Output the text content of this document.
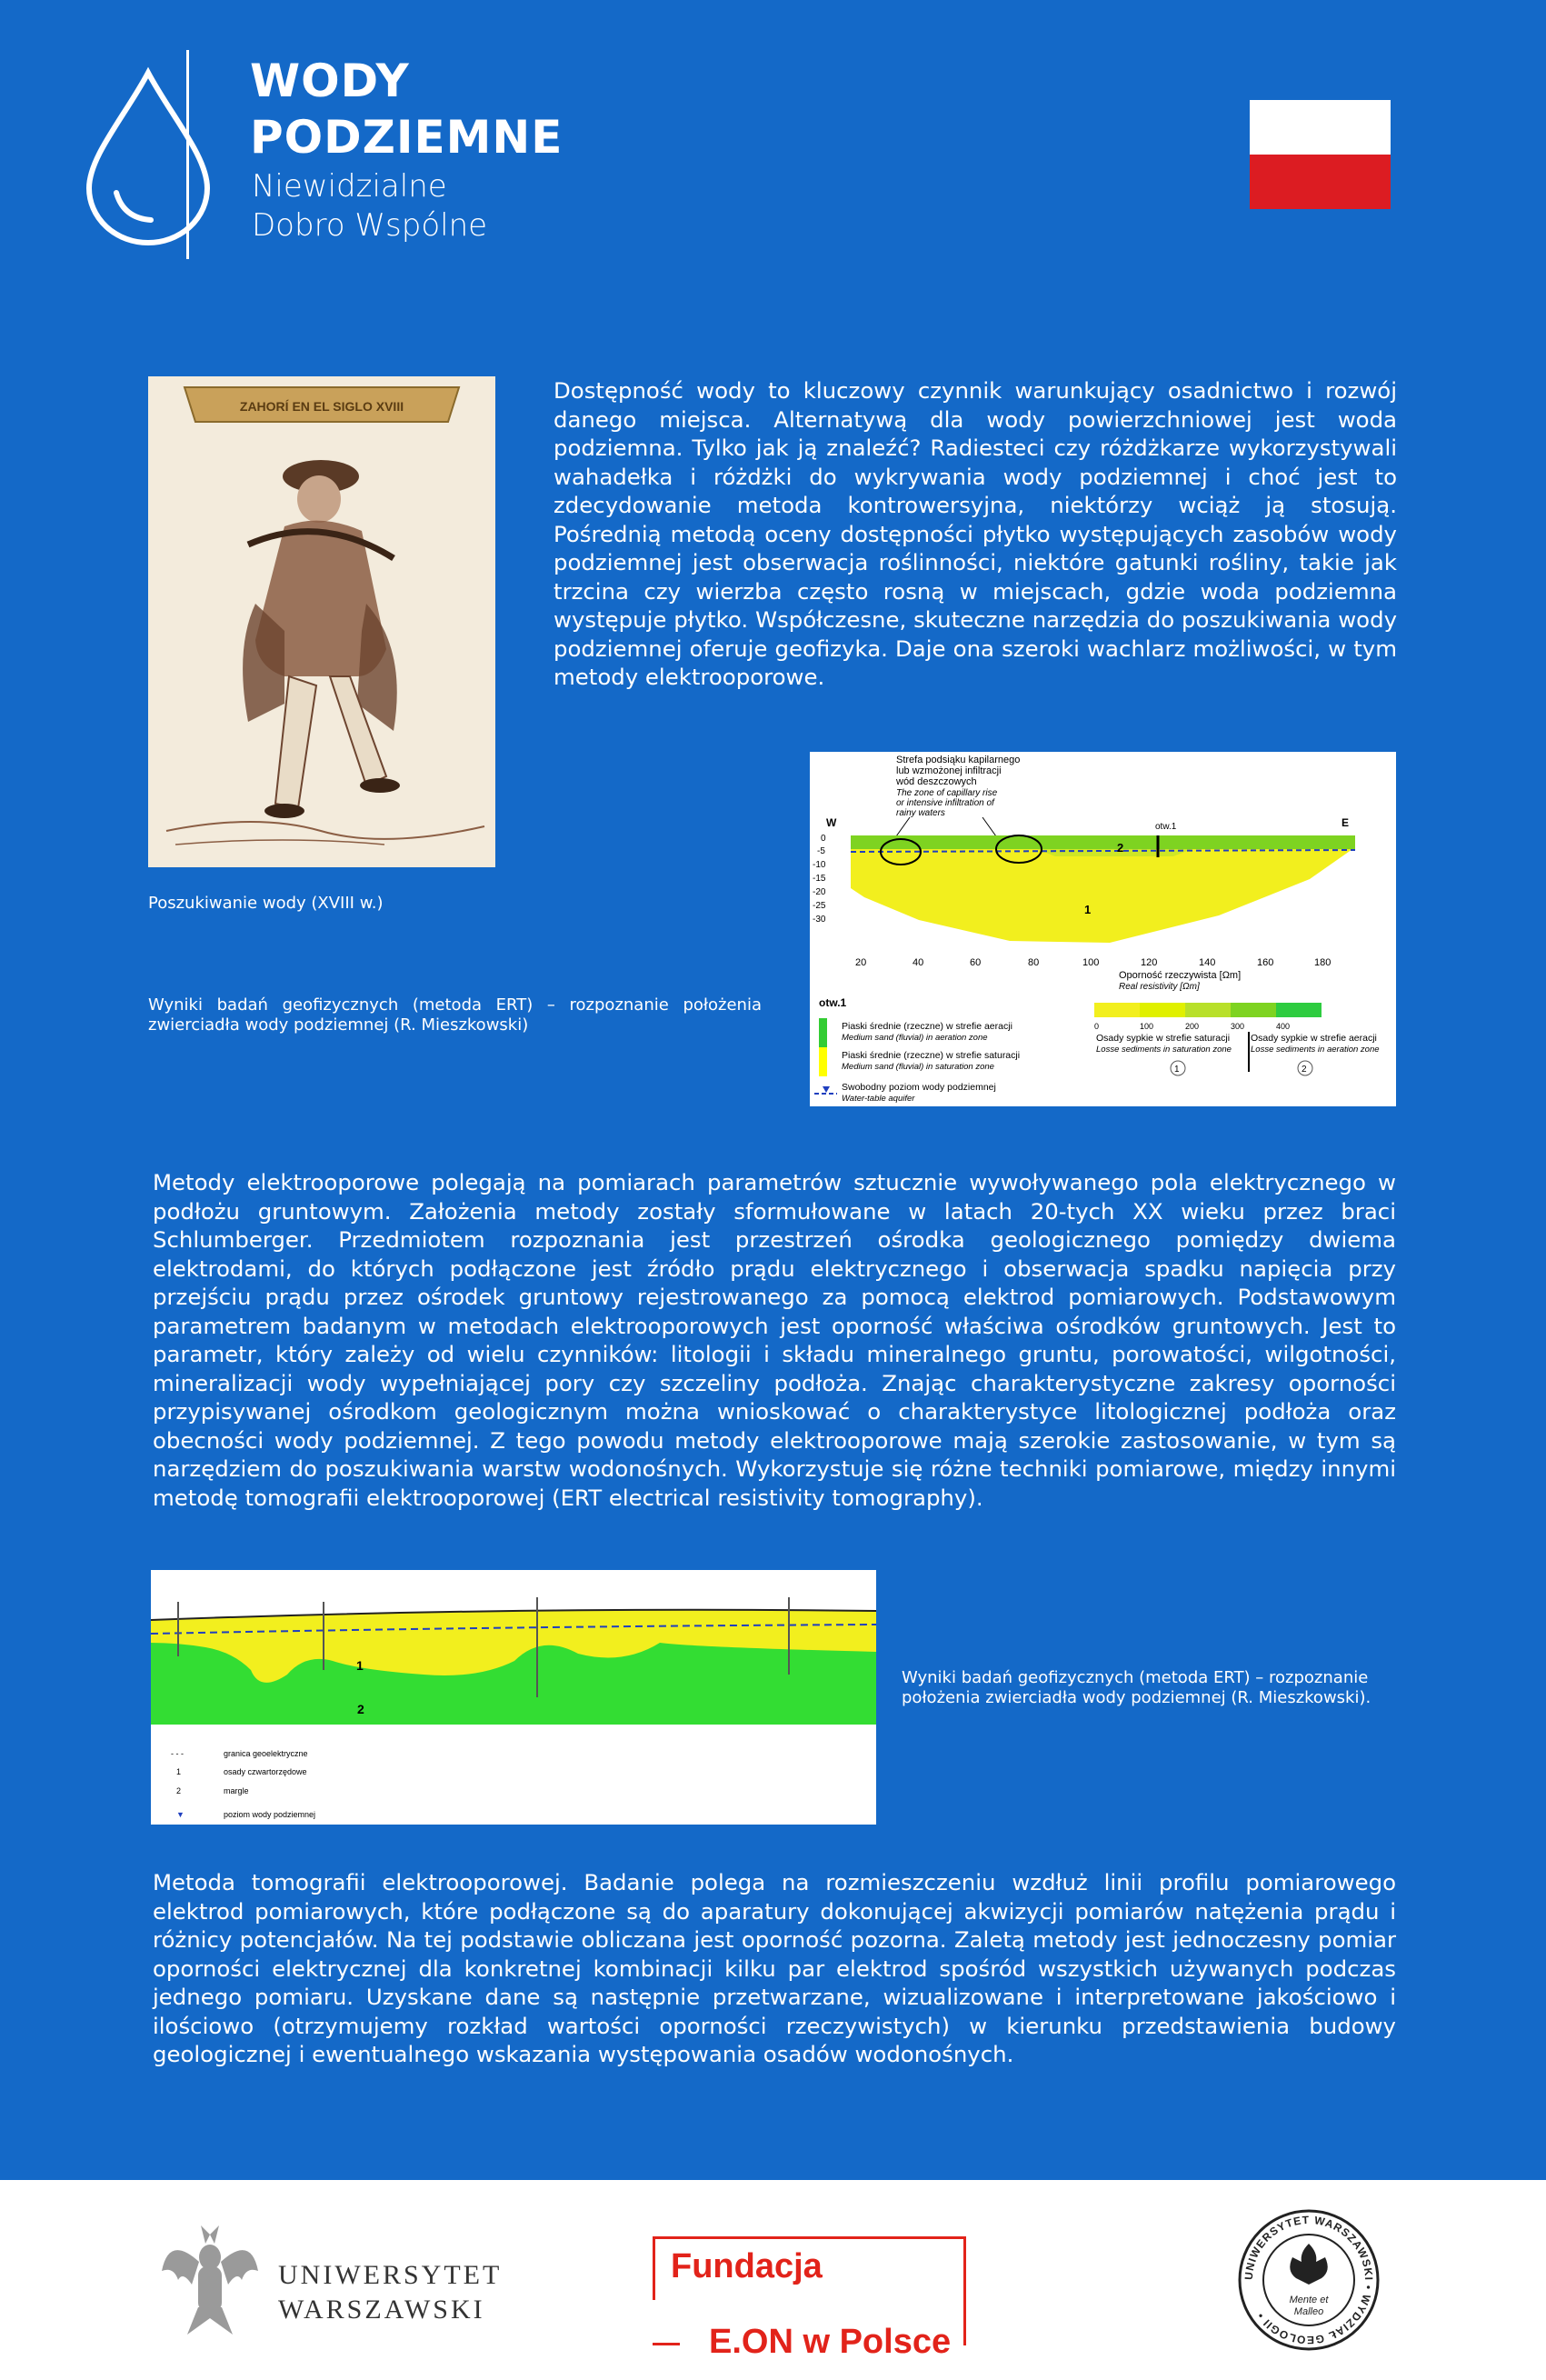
WODY
PODZIEMNE
Niewidzialne
Dobro Wspólne
ZAHORÍ EN EL SIGLO XVIII

Poszukiwanie wody (XVIII w.)

Dostępność wody to kluczowy czynnik warunkujący osadnictwo i rozwój danego miejsca. Alternatywą dla wody powierzchniowej jest woda podziemna. Tylko jak ją znaleźć? Radiesteci czy różdżkarze wykorzystywali wahadełka i różdżki do wykrywania wody podziemnej i choć jest to zdecydowanie metoda kontrowersyjna, niektórzy wciąż ją stosują. Pośrednią metodą oceny dostępności płytko występujących zasobów wody podziemnej jest obserwacja roślinności, niektóre gatunki rośliny, takie jak trzcina czy wierzba często rosną w miejscach, gdzie woda podziemna występuje płytko. Współczesne, skuteczne narzędzia do poszukiwania wody podziemnej oferuje geofizyka. Daje ona szeroki wachlarz możliwości, w tym metody elektrooporowe.

Strefa podsiąku kapilarnego
lub wzmożonej infiltracji
wód deszczowych
The zone of capillary rise
or intensive infiltration of
rainy waters
W	E
otw.1
2
1
0
-5
-10
-15
-20
-25
-30
20	40	60	80	100	120	140	160	180
Oporność rzeczywista [Ωm]
Real resistivity [Ωm]
otw.1
0	100	200	300	400
Piaski średnie (rzeczne) w strefie aeracji
Medium sand (fluvial) in aeration zone
Piaski średnie (rzeczne) w strefie saturacji
Medium sand (fluvial) in saturation zone
Swobodny poziom wody podziemnej
Water-table aquifer
Osady sypkie w strefie saturacji
Losse sediments in saturation zone
Osady sypkie w strefie aeracji
Losse sediments in aeration zone
1	2

Wyniki badań geofizycznych (metoda ERT) – rozpoznanie położenia zwierciadła wody podziemnej (R. Mieszkowski)

Metody elektrooporowe polegają na pomiarach parametrów sztucznie wywoływanego pola elektrycznego w podłożu gruntowym. Założenia metody zostały sformułowane w latach 20-tych XX wieku przez braci Schlumberger. Przedmiotem rozpoznania jest przestrzeń ośrodka geologicznego pomiędzy dwiema elektrodami, do których podłączone jest źródło prądu elektrycznego i obserwacja spadku napięcia przy przejściu prądu przez ośrodek gruntowy rejestrowanego za pomocą elektrod pomiarowych. Podstawowym parametrem badanym w metodach elektrooporowych jest oporność właściwa ośrodków gruntowych. Jest to parametr, który zależy od wielu czynników: litologii i składu mineralnego gruntu, porowatości, wilgotności, mineralizacji wody wypełniającej pory czy szczeliny podłoża. Znając charakterystyczne zakresy oporności przypisywanej ośrodkom geologicznym można wnioskować o charakterystyce litologicznej podłoża oraz obecności wody podziemnej. Z tego powodu metody elektrooporowe mają szerokie zastosowanie, w tym są narzędziem do poszukiwania warstw wodonośnych. Wykorzystuje się różne techniki pomiarowe, między innymi metodę tomografii elektrooporowej (ERT electrical resistivity tomography).

1
2
- - -	granica geoelektryczne
1	osady czwartorzędowe
2	margle
▼	poziom wody podziemnej

Wyniki badań geofizycznych (metoda ERT) – rozpoznanie położenia zwierciadła wody podziemnej (R. Mieszkowski).

Metoda tomografii elektrooporowej. Badanie polega na rozmieszczeniu wzdłuż linii profilu pomiarowego elektrod pomiarowych, które podłączone są do aparatury dokonującej akwizycji pomiarów natężenia prądu i różnicy potencjałów. Na tej podstawie obliczana jest oporność pozorna. Zaletą metody jest jednoczesny pomiar oporności elektrycznej dla konkretnej kombinacji kilku par elektrod spośród wszystkich używanych podczas jednego pomiaru. Uzyskane dane są następnie przetwarzane, wizualizowane i interpretowane jakościowo i ilościowo (otrzymujemy rozkład wartości oporności rzeczywistych) w kierunku przedstawienia budowy geologicznej i ewentualnego wskazania występowania osadów wodonośnych.

UNIWERSYTET
WARSZAWSKI
Fundacja
E.ON w Polsce
UNIWERSYTET WARSZAWSKI • WYDZIAŁ GEOLOGII •
Mente et
Malleo
